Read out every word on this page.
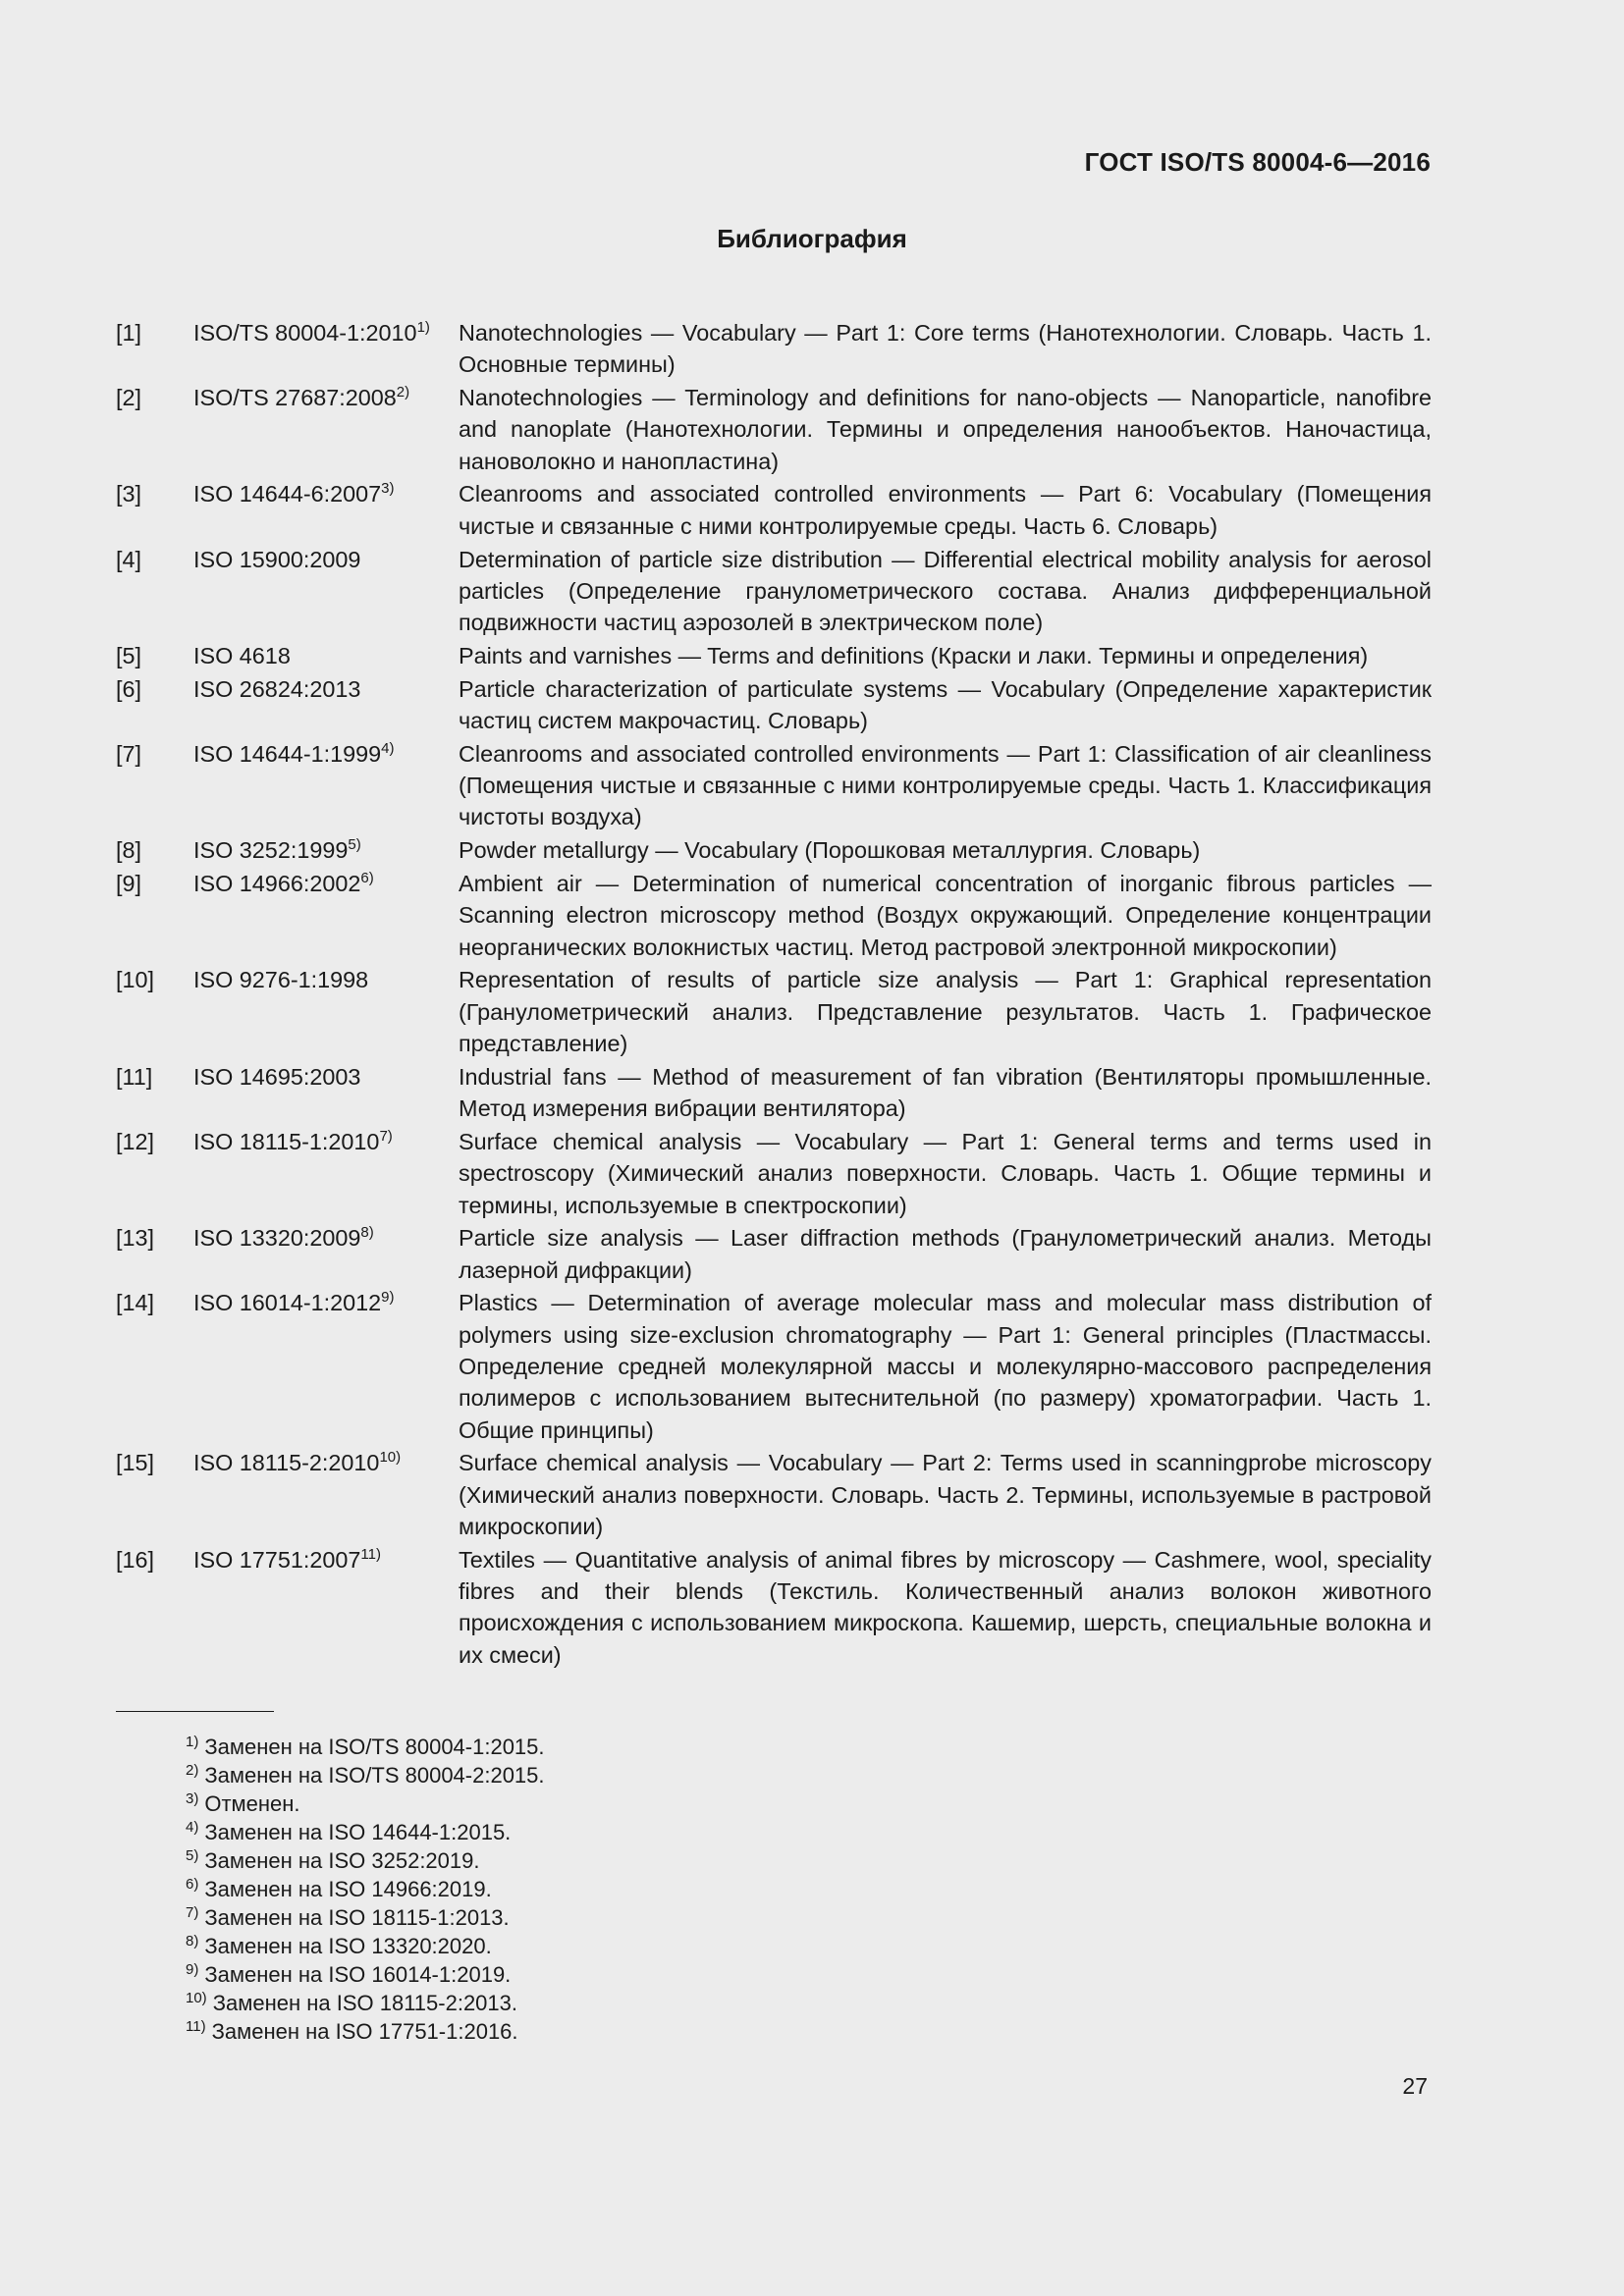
ГОСТ ISO/TS 80004-6—2016
Библиография
[1]	ISO/TS 80004-1:2010$^{1)}$	Nanotechnologies — Vocabulary — Part 1: Core terms (Нанотехнологии. Словарь. Часть 1. Основные термины)
[2]	ISO/TS 27687:2008$^{2)}$	Nanotechnologies — Terminology and definitions for nano-objects — Nanoparticle, nanofibre and nanoplate (Нанотехнологии. Термины и определения нанообъектов. Наночастица, нановолокно и нанопластина)
[3]	ISO 14644-6:2007$^{3)}$	Cleanrooms and associated controlled environments — Part 6: Vocabulary (Помещения чистые и связанные с ними контролируемые среды. Часть 6. Словарь)
[4]	ISO 15900:2009	Determination of particle size distribution — Differential electrical mobility analysis for aerosol particles (Определение гранулометрического состава. Анализ дифференциальной подвижности частиц аэрозолей в электрическом поле)
[5]	ISO 4618	Paints and varnishes — Terms and definitions (Краски и лаки. Термины и определения)
[6]	ISO 26824:2013	Particle characterization of particulate systems — Vocabulary (Определение характеристик частиц систем макрочастиц. Словарь)
[7]	ISO 14644-1:1999$^{4)}$	Cleanrooms and associated controlled environments — Part 1: Classification of air cleanliness (Помещения чистые и связанные с ними контролируемые среды. Часть 1. Классификация чистоты воздуха)
[8]	ISO 3252:1999$^{5)}$	Powder metallurgy — Vocabulary (Порошковая металлургия. Словарь)
[9]	ISO 14966:2002$^{6)}$	Ambient air — Determination of numerical concentration of inorganic fibrous particles — Scanning electron microscopy method (Воздух окружающий. Определение концентрации неорганических волокнистых частиц. Метод растровой электронной микроскопии)
[10]	ISO 9276-1:1998	Representation of results of particle size analysis — Part 1: Graphical representation (Гранулометрический анализ. Представление результатов. Часть 1. Графическое представление)
[11]	ISO 14695:2003	Industrial fans — Method of measurement of fan vibration (Вентиляторы промышленные. Метод измерения вибрации вентилятора)
[12]	ISO 18115-1:2010$^{7)}$	Surface chemical analysis — Vocabulary — Part 1: General terms and terms used in spectroscopy (Химический анализ поверхности. Словарь. Часть 1. Общие термины и термины, используемые в спектроскопии)
[13]	ISO 13320:2009$^{8)}$	Particle size analysis — Laser diffraction methods (Гранулометрический анализ. Методы лазерной дифракции)
[14]	ISO 16014-1:2012$^{9)}$	Plastics — Determination of average molecular mass and molecular mass distribution of polymers using size-exclusion chromatography — Part 1: General principles (Пластмассы. Определение средней молекулярной массы и молекулярно-массового распределения полимеров с использованием вытеснительной (по размеру) хроматографии. Часть 1. Общие принципы)
[15]	ISO 18115-2:2010$^{10)}$	Surface chemical analysis — Vocabulary — Part 2: Terms used in scanningprobe microscopy (Химический анализ поверхности. Словарь. Часть 2. Термины, используемые в растровой микроскопии)
[16]	ISO 17751:2007$^{11)}$	Textiles — Quantitative analysis of animal fibres by microscopy — Cashmere, wool, speciality fibres and their blends (Текстиль. Количественный анализ волокон животного происхождения с использованием микроскопа. Кашемир, шерсть, специальные волокна и их смеси)
$^{1)}$ Заменен на ISO/TS 80004-1:2015.
$^{2)}$ Заменен на ISO/TS 80004-2:2015.
$^{3)}$ Отменен.
$^{4)}$ Заменен на ISO 14644-1:2015.
$^{5)}$ Заменен на ISO 3252:2019.
$^{6)}$ Заменен на ISO 14966:2019.
$^{7)}$ Заменен на ISO 18115-1:2013.
$^{8)}$ Заменен на ISO 13320:2020.
$^{9)}$ Заменен на ISO 16014-1:2019.
$^{10)}$ Заменен на ISO 18115-2:2013.
$^{11)}$ Заменен на ISO 17751-1:2016.
27
